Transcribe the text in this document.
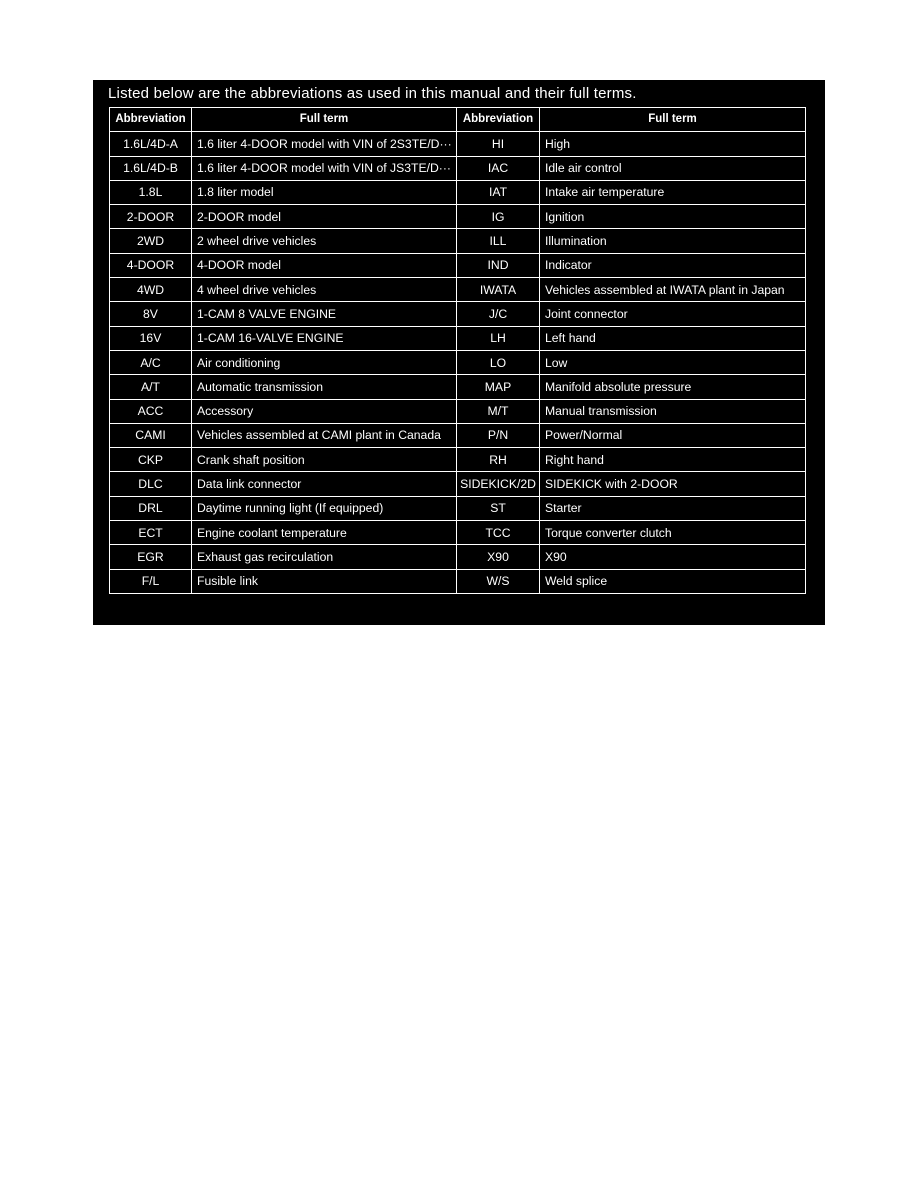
Listed below are the abbreviations as used in this manual and their full terms.
Abbreviation	Full term	Abbreviation	Full term
1.6L/4D-A	1.6 liter 4-DOOR model with VIN of 2S3TE/D···	HI	High
1.6L/4D-B	1.6 liter 4-DOOR model with VIN of JS3TE/D···	IAC	Idle air control
1.8L	1.8 liter model	IAT	Intake air temperature
2-DOOR	2-DOOR model	IG	Ignition
2WD	2 wheel drive vehicles	ILL	Illumination
4-DOOR	4-DOOR model	IND	Indicator
4WD	4 wheel drive vehicles	IWATA	Vehicles assembled at IWATA plant in Japan
8V	1-CAM 8 VALVE ENGINE	J/C	Joint connector
16V	1-CAM 16-VALVE ENGINE	LH	Left hand
A/C	Air conditioning	LO	Low
A/T	Automatic transmission	MAP	Manifold absolute pressure
ACC	Accessory	M/T	Manual transmission
CAMI	Vehicles assembled at CAMI plant in Canada	P/N	Power/Normal
CKP	Crank shaft position	RH	Right hand
DLC	Data link connector	SIDEKICK/2D	SIDEKICK with 2-DOOR
DRL	Daytime running light (If equipped)	ST	Starter
ECT	Engine coolant temperature	TCC	Torque converter clutch
EGR	Exhaust gas recirculation	X90	X90
F/L	Fusible link	W/S	Weld splice
